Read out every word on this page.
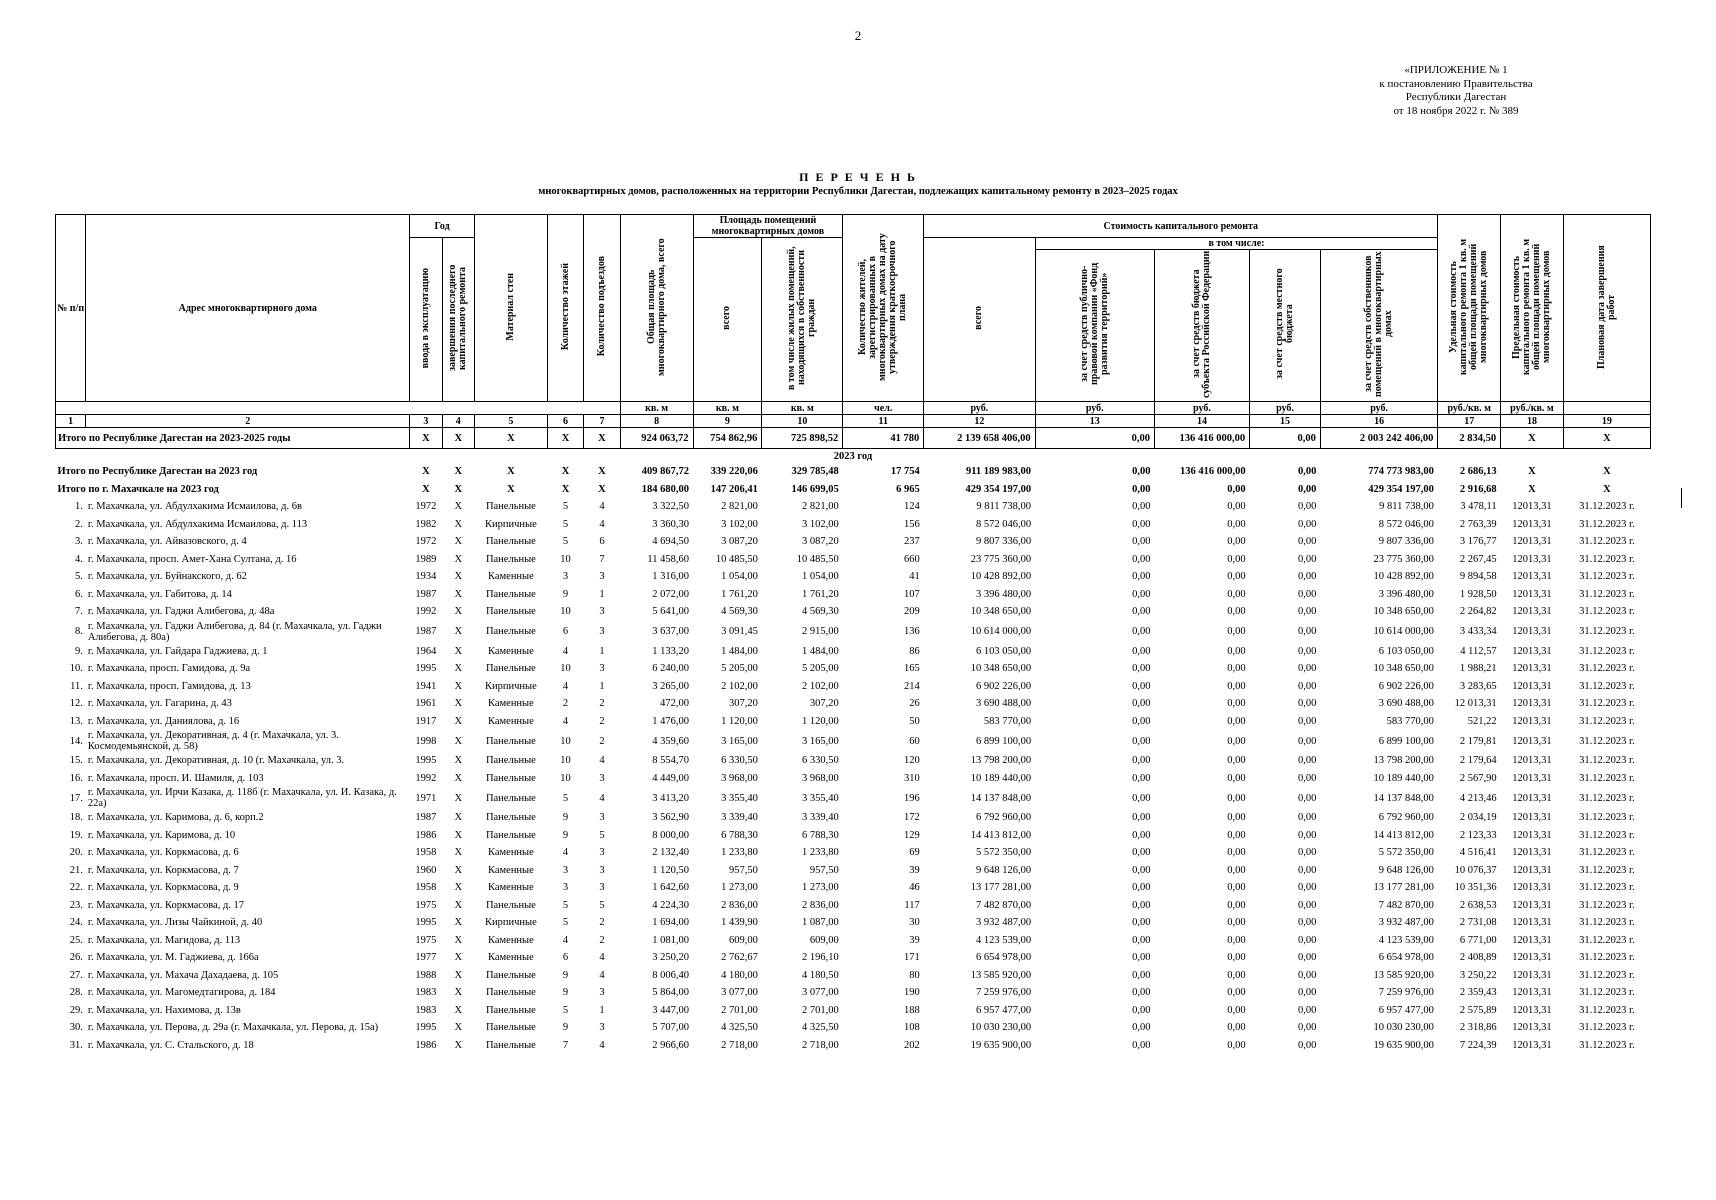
2
«ПРИЛОЖЕНИЕ № 1
к постановлению Правительства
Республики Дагестан
от 18 ноября 2022 г. № 389
П Е Р Е Ч Е Н Ь
многоквартирных домов, расположенных на территории Республики Дагестан, подлежащих капитальному ремонту в 2023–2025 годах
№ п/п	Адрес многоквартирного дома	Год		Материал стен	Количество этажей	Количество подъездов	Общая площадь многоквартирного дома, всего	Площадь помещений многоквартирных домов		Количество жителей, зарегистрированных в многоквартирных домах на дату утверждения краткосрочного плана	Стоимость капитального ремонта					Удельная стоимость капитального ремонта 1 кв. м общей площади помещений многоквартирных домов	Предельная стоимость капитального ремонта 1 кв. м общей площади помещений многоквартирных домов	Плановая дата завершения работ
		ввода в эксплуатацию	завершения последнего капитального ремонта					всего	в том числе жилых помещений, находящихся в собственности граждан		всего	в том числе:						
												за счет средств публично-правовой компании «Фонд развития территорий»	за счет средств бюджета субъекта Российской Федерации	за счет средств местного бюджета	за счет средств собственников помещений в многоквартирных домах			
							кв. м	кв. м	кв. м	чел.	руб.	руб.	руб.	руб.	руб.	руб./кв. м	руб./кв. м	
1	2	3	4	5	6	7	8	9	10	11	12	13	14	15	16	17	18	19
Итого по Республике Дагестан на 2023-2025 годы		X	X	X	X	X	924 063,72	754 862,96	725 898,52	41 780	2 139 658 406,00	0,00	136 416 000,00	0,00	2 003 242 406,00	2 834,50	X	X
2023 год																		
Итого по Республике Дагестан на 2023 год		X	X	X	X	X	409 867,72	339 220,06	329 785,48	17 754	911 189 983,00	0,00	136 416 000,00	0,00	774 773 983,00	2 686,13	X	X
Итого по г. Махачкале на 2023 год		X	X	X	X	X	184 680,00	147 206,41	146 699,05	6 965	429 354 197,00	0,00	0,00	0,00	429 354 197,00	2 916,68	X	X
1.	г. Махачкала, ул. Абдулхакима Исмаилова, д. 6в	1972	X	Панельные	5	4	3 322,50	2 821,00	2 821,00	124	9 811 738,00	0,00	0,00	0,00	9 811 738,00	3 478,11	12013,31	31.12.2023 г.
2.	г. Махачкала, ул. Абдулхакима Исмаилова, д. 113	1982	X	Кирпичные	5	4	3 360,30	3 102,00	3 102,00	156	8 572 046,00	0,00	0,00	0,00	8 572 046,00	2 763,39	12013,31	31.12.2023 г.
3.	г. Махачкала, ул. Айвазовского, д. 4	1972	X	Панельные	5	6	4 694,50	3 087,20	3 087,20	237	9 807 336,00	0,00	0,00	0,00	9 807 336,00	3 176,77	12013,31	31.12.2023 г.
4.	г. Махачкала, просп. Амет-Хана Султана, д. 16	1989	X	Панельные	10	7	11 458,60	10 485,50	10 485,50	660	23 775 360,00	0,00	0,00	0,00	23 775 360,00	2 267,45	12013,31	31.12.2023 г.
5.	г. Махачкала, ул. Буйнакского, д. 62	1934	X	Каменные	3	3	1 316,00	1 054,00	1 054,00	41	10 428 892,00	0,00	0,00	0,00	10 428 892,00	9 894,58	12013,31	31.12.2023 г.
6.	г. Махачкала, ул. Габитова, д. 14	1987	X	Панельные	9	1	2 072,00	1 761,20	1 761,20	107	3 396 480,00	0,00	0,00	0,00	3 396 480,00	1 928,50	12013,31	31.12.2023 г.
7.	г. Махачкала, ул. Гаджи Алибегова, д. 48а	1992	X	Панельные	10	3	5 641,00	4 569,30	4 569,30	209	10 348 650,00	0,00	0,00	0,00	10 348 650,00	2 264,82	12013,31	31.12.2023 г.
8.	г. Махачкала, ул. Гаджи Алибегова, д. 84 (г. Махачкала, ул. Гаджи Алибегова, д. 80а)	1987	X	Панельные	6	3	3 637,00	3 091,45	2 915,00	136	10 614 000,00	0,00	0,00	0,00	10 614 000,00	3 433,34	12013,31	31.12.2023 г.
9.	г. Махачкала, ул. Гайдара Гаджиева, д. 1	1964	X	Каменные	4	1	1 133,20	1 484,00	1 484,00	86	6 103 050,00	0,00	0,00	0,00	6 103 050,00	4 112,57	12013,31	31.12.2023 г.
10.	г. Махачкала, просп. Гамидова, д. 9а	1995	X	Панельные	10	3	6 240,00	5 205,00	5 205,00	165	10 348 650,00	0,00	0,00	0,00	10 348 650,00	1 988,21	12013,31	31.12.2023 г.
11.	г. Махачкала, просп. Гамидова, д. 13	1941	X	Кирпичные	4	1	3 265,00	2 102,00	2 102,00	214	6 902 226,00	0,00	0,00	0,00	6 902 226,00	3 283,65	12013,31	31.12.2023 г.
12.	г. Махачкала, ул. Гагарина, д. 43	1961	X	Каменные	2	2	472,00	307,20	307,20	26	3 690 488,00	0,00	0,00	0,00	3 690 488,00	12 013,31	12013,31	31.12.2023 г.
13.	г. Махачкала, ул. Даниялова, д. 16	1917	X	Каменные	4	2	1 476,00	1 120,00	1 120,00	50	583 770,00	0,00	0,00	0,00	583 770,00	521,22	12013,31	31.12.2023 г.
14.	г. Махачкала, ул. Декоративная, д. 4 (г. Махачкала, ул. 3. Космодемьянской, д. 58)	1998	X	Панельные	10	2	4 359,60	3 165,00	3 165,00	60	6 899 100,00	0,00	0,00	0,00	6 899 100,00	2 179,81	12013,31	31.12.2023 г.
15.	г. Махачкала, ул. Декоративная, д. 10 (г. Махачкала, ул. 3.	1995	X	Панельные	10	4	8 554,70	6 330,50	6 330,50	120	13 798 200,00	0,00	0,00	0,00	13 798 200,00	2 179,64	12013,31	31.12.2023 г.
16.	г. Махачкала, просп. И. Шамиля, д. 103	1992	X	Панельные	10	3	4 449,00	3 968,00	3 968,00	310	10 189 440,00	0,00	0,00	0,00	10 189 440,00	2 567,90	12013,31	31.12.2023 г.
17.	г. Махачкала, ул. Ирчи Казака, д. 118б (г. Махачкала, ул. И. Казака, д. 22а)	1971	X	Панельные	5	4	3 413,20	3 355,40	3 355,40	196	14 137 848,00	0,00	0,00	0,00	14 137 848,00	4 213,46	12013,31	31.12.2023 г.
18.	г. Махачкала, ул. Каримова, д. 6, корп.2	1987	X	Панельные	9	3	3 562,90	3 339,40	3 339,40	172	6 792 960,00	0,00	0,00	0,00	6 792 960,00	2 034,19	12013,31	31.12.2023 г.
19.	г. Махачкала, ул. Каримова, д. 10	1986	X	Панельные	9	5	8 000,00	6 788,30	6 788,30	129	14 413 812,00	0,00	0,00	0,00	14 413 812,00	2 123,33	12013,31	31.12.2023 г.
20.	г. Махачкала, ул. Коркмасова, д. 6	1958	X	Каменные	4	3	2 132,40	1 233,80	1 233,80	69	5 572 350,00	0,00	0,00	0,00	5 572 350,00	4 516,41	12013,31	31.12.2023 г.
21.	г. Махачкала, ул. Коркмасова, д. 7	1960	X	Каменные	3	3	1 120,50	957,50	957,50	39	9 648 126,00	0,00	0,00	0,00	9 648 126,00	10 076,37	12013,31	31.12.2023 г.
22.	г. Махачкала, ул. Коркмасова, д. 9	1958	X	Каменные	3	3	1 642,60	1 273,00	1 273,00	46	13 177 281,00	0,00	0,00	0,00	13 177 281,00	10 351,36	12013,31	31.12.2023 г.
23.	г. Махачкала, ул. Коркмасова, д. 17	1975	X	Панельные	5	5	4 224,30	2 836,00	2 836,00	117	7 482 870,00	0,00	0,00	0,00	7 482 870,00	2 638,53	12013,31	31.12.2023 г.
24.	г. Махачкала, ул. Лизы Чайкиной, д. 40	1995	X	Кирпичные	5	2	1 694,00	1 439,90	1 087,00	30	3 932 487,00	0,00	0,00	0,00	3 932 487,00	2 731,08	12013,31	31.12.2023 г.
25.	г. Махачкала, ул. Магидова, д. 113	1975	X	Каменные	4	2	1 081,00	609,00	609,00	39	4 123 539,00	0,00	0,00	0,00	4 123 539,00	6 771,00	12013,31	31.12.2023 г.
26.	г. Махачкала, ул. М. Гаджиева, д. 166а	1977	X	Каменные	6	4	3 250,20	2 762,67	2 196,10	171	6 654 978,00	0,00	0,00	0,00	6 654 978,00	2 408,89	12013,31	31.12.2023 г.
27.	г. Махачкала, ул. Махача Дахадаева, д. 105	1988	X	Панельные	9	4	8 006,40	4 180,00	4 180,50	80	13 585 920,00	0,00	0,00	0,00	13 585 920,00	3 250,22	12013,31	31.12.2023 г.
28.	г. Махачкала, ул. Магомедтагирова, д. 184	1983	X	Панельные	9	3	5 864,00	3 077,00	3 077,00	190	7 259 976,00	0,00	0,00	0,00	7 259 976,00	2 359,43	12013,31	31.12.2023 г.
29.	г. Махачкала, ул. Нахимова, д. 13в	1983	X	Панельные	5	1	3 447,00	2 701,00	2 701,00	188	6 957 477,00	0,00	0,00	0,00	6 957 477,00	2 575,89	12013,31	31.12.2023 г.
30.	г. Махачкала, ул. Перова, д. 29а (г. Махачкала, ул. Перова, д. 15а)	1995	X	Панельные	9	3	5 707,00	4 325,50	4 325,50	108	10 030 230,00	0,00	0,00	0,00	10 030 230,00	2 318,86	12013,31	31.12.2023 г.
31.	г. Махачкала, ул. С. Стальского, д. 18	1986	X	Панельные	7	4	2 966,60	2 718,00	2 718,00	202	19 635 900,00	0,00	0,00	0,00	19 635 900,00	7 224,39	12013,31	31.12.2023 г.
